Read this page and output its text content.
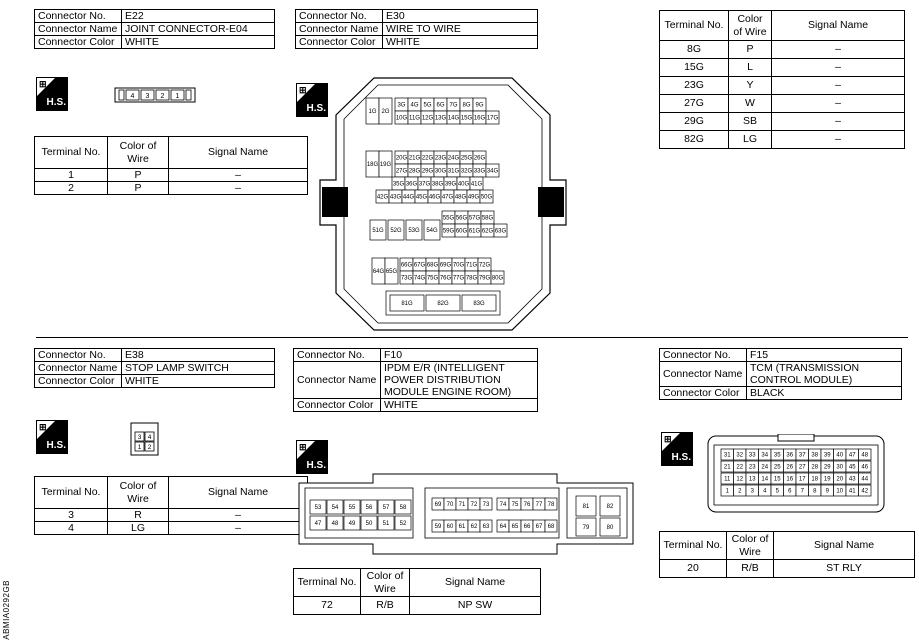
Connector No.	E22
Connector Name	JOINT CONNECTOR-E04
Connector Color	WHITE
⊞
H.S.
4 3 2 1
Terminal No.	Color of Wire	Signal Name
1	P	–
2	P	–
Connector No.	E30
Connector Name	WIRE TO WIRE
Connector Color	WHITE
⊞
H.S.	1G 2G
3G 4G 5G 6G 7G 8G 9G
10G 11G 12G 13G 14G 15G 16G 17G
18G 19G
20G 21G 22G 23G 24G 25G 26G
27G 28G 29G 30G 31G 32G 33G 34G
35G 36G 37G 38G 39G 40G 41G
42G 43G 44G 45G 46G 47G 48G 49G 50G
51G 52G 53G 54G
55G 56G 57G 58G
59G 60G 61G 62G 63G
64G 65G
66G 67G 68G 69G 70G 71G 72G
73G 74G 75G 76G 77G 78G 79G 80G
81G	82G	83G
Terminal No.	Color of Wire	Signal Name
8G	P	–
15G	L	–
23G	Y	–
27G	W	–
29G	SB	–
82G	LG	–
Connector No.	E38
Connector Name	STOP LAMP SWITCH
Connector Color	WHITE
⊞
H.S.
3 4
1 2
Terminal No.	Color of Wire	Signal Name
3	R	–
4	LG	–
ABMIA0292GB
Connector No.	F10
Connector Name	IPDM E/R (INTELLIGENT
POWER DISTRIBUTION
MODULE ENGINE ROOM)

Connector Color	WHITE
⊞
H.S.
53 54 55 56 57 58
47 48 49 50 51 52
69 70 71 72 73 74 75 76 77 78
59 60 61 62 63 64 65 66 67 68
81	82
79	80
Terminal No.	Color of Wire	Signal Name
72	R/B	NP SW
Connector No.	F15
Connector Name	TCM (TRANSMISSION
CONTROL MODULE)

Connector Color	BLACK
⊞
H.S.	31 32 33 34 35 36 37 38 39 40 47 48
21 22 23 24 25 26 27 28 29 30 45 46
11 12 13 14 15 16 17 18 19 20 43 44
1 2 3 4 5 6 7 8 9 10 41 42
Terminal No.	Color of Wire	Signal Name
20	R/B	ST RLY
